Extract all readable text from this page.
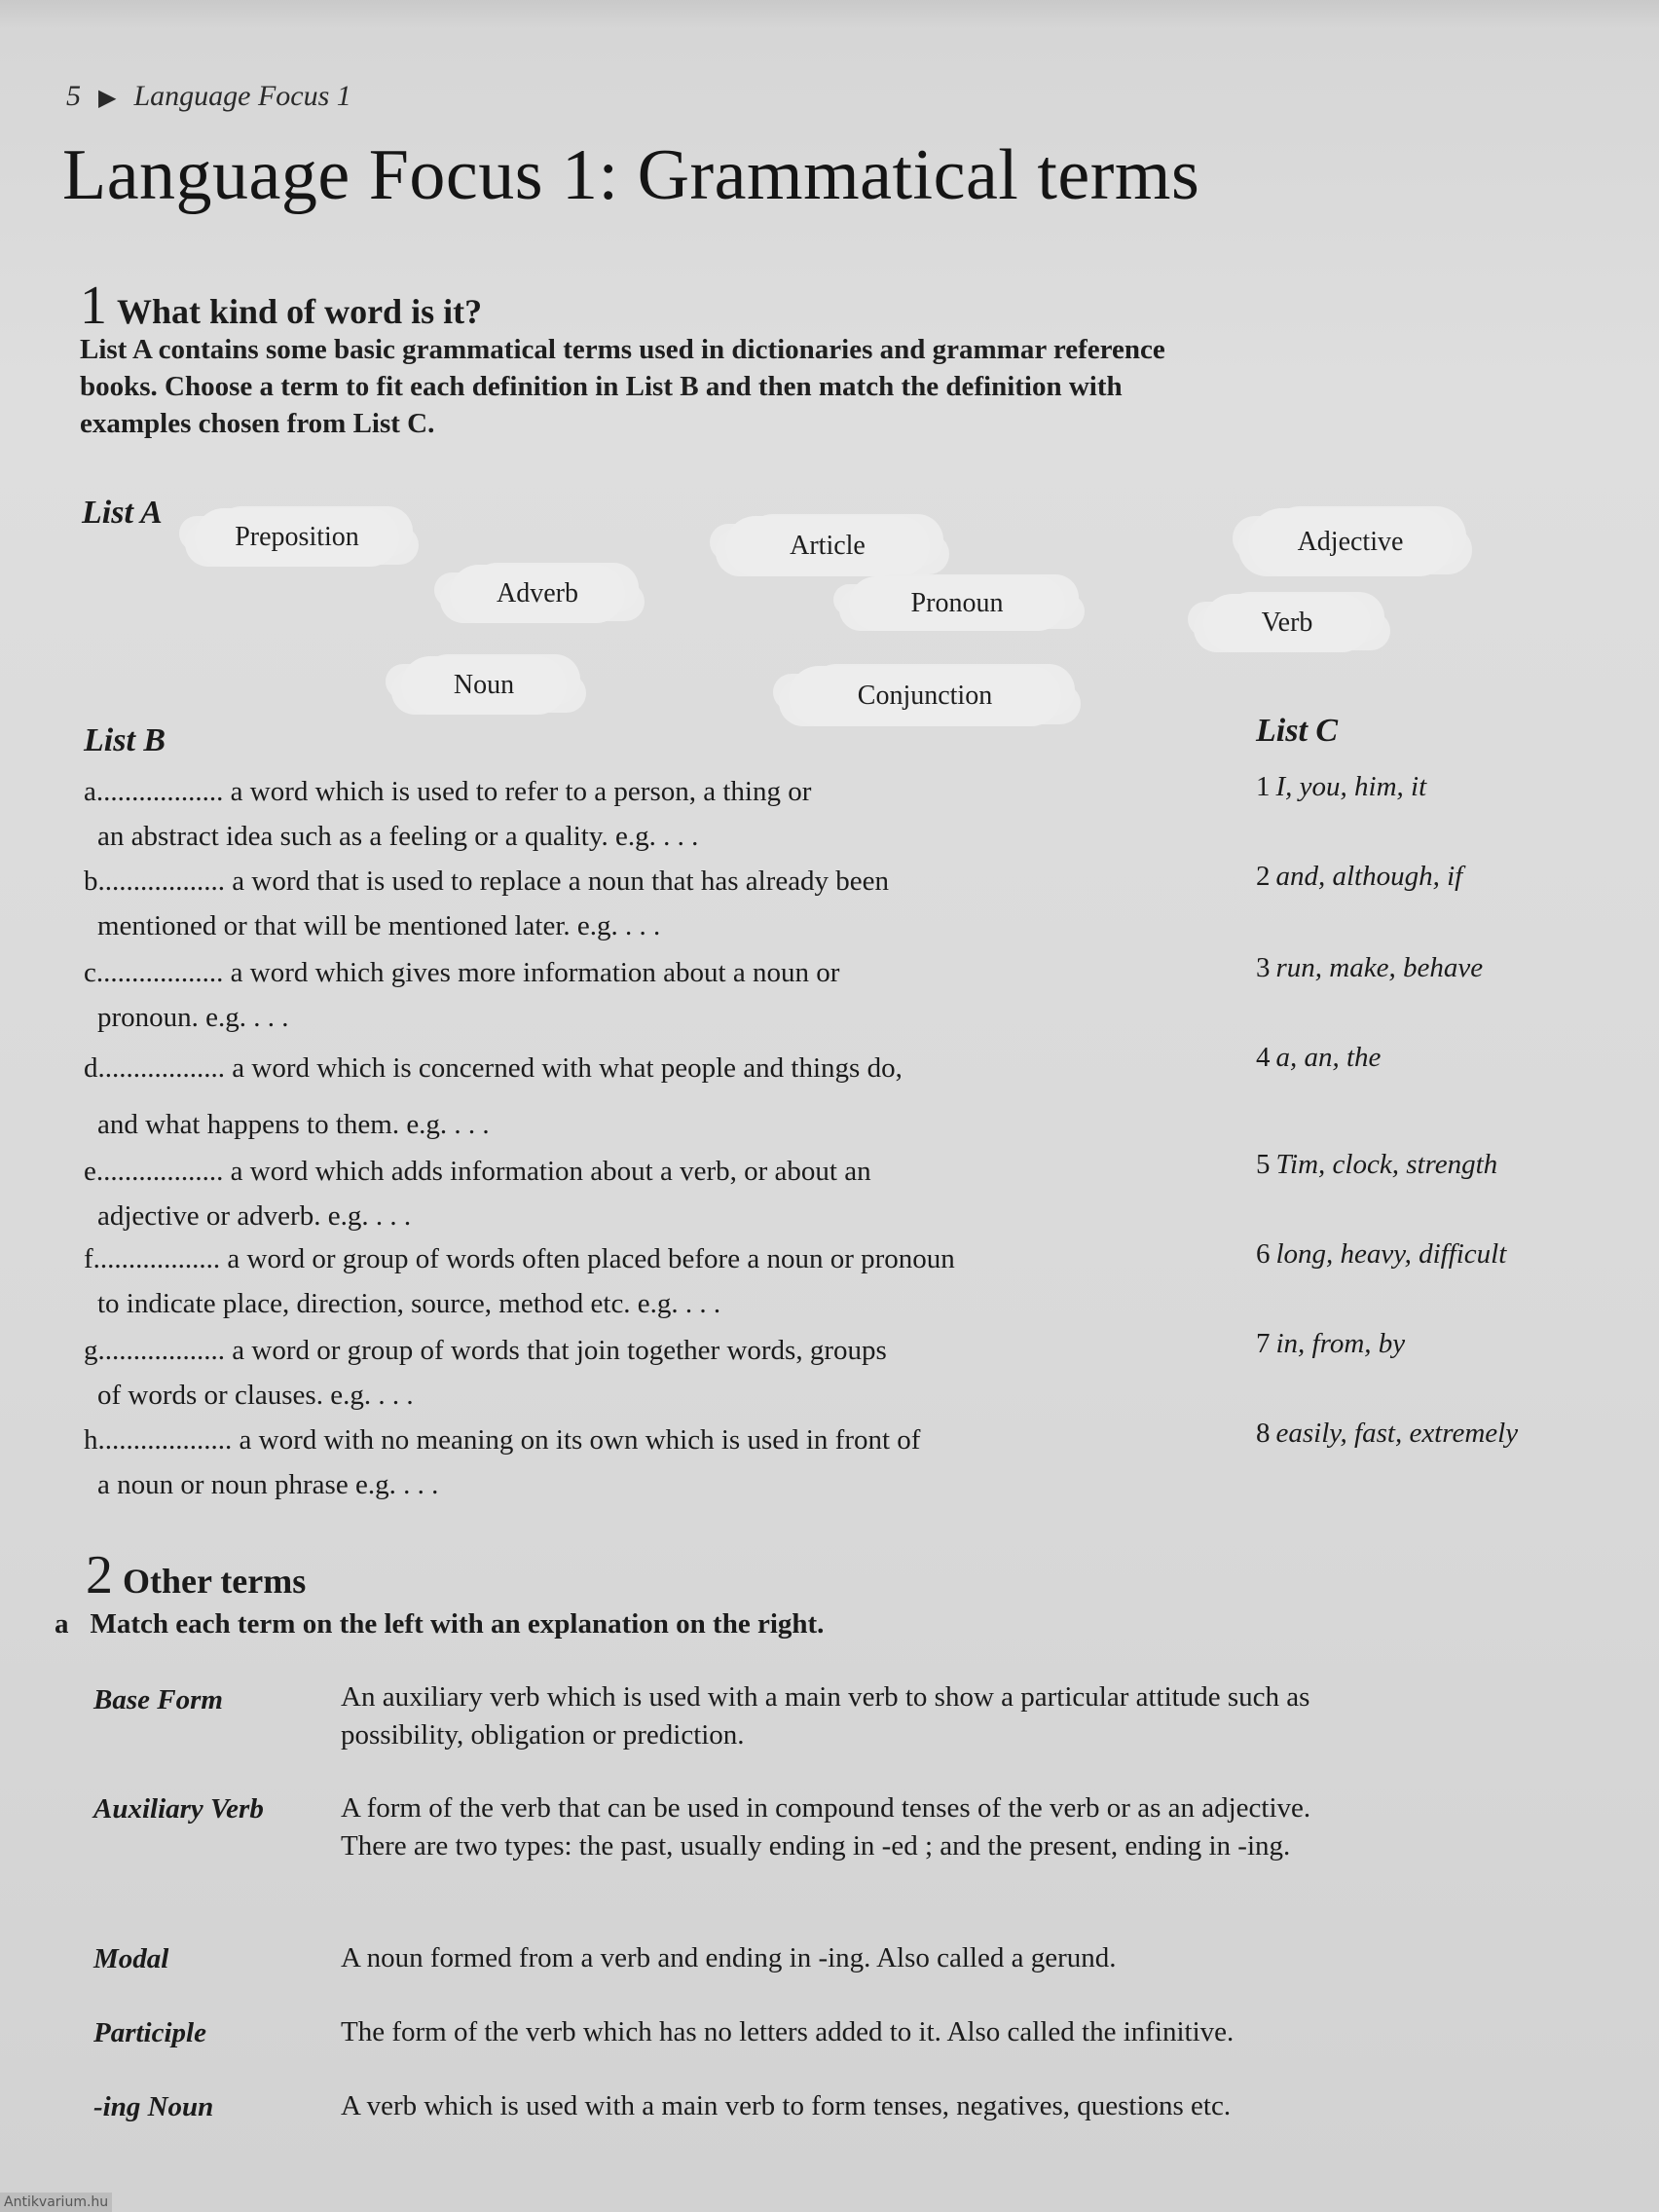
5 ▶ Language Focus 1
Language Focus 1: Grammatical terms
1 What kind of word is it?
List A contains some basic grammatical terms used in dictionaries and grammar reference books. Choose a term to fit each definition in List B and then match the definition with examples chosen from List C.
List A
Preposition	Article	Adjective
Adverb	Pronoun
Verb
Noun	Conjunction
List B	List C
a.................. a word which is used to refer to a person, a thing or
an abstract idea such as a feeling or a quality. e.g. . . .
b.................. a word that is used to replace a noun that has already been
mentioned or that will be mentioned later. e.g. . . .
c.................. a word which gives more information about a noun or
pronoun. e.g. . . .
d.................. a word which is concerned with what people and things do,
and what happens to them. e.g. . . .
e.................. a word which adds information about a verb, or about an
adjective or adverb. e.g. . . .
f.................. a word or group of words often placed before a noun or pronoun
to indicate place, direction, source, method etc. e.g. . . .
g.................. a word or group of words that join together words, groups
of words or clauses. e.g. . . .
h................... a word with no meaning on its own which is used in front of
a noun or noun phrase e.g. . . .
1 I, you, him, it
2 and, although, if
3 run, make, behave
4 a, an, the
5 Tim, clock, strength
6 long, heavy, difficult
7 in, from, by
8 easily, fast, extremely
2 Other terms
a Match each term on the left with an explanation on the right.
Base Form	An auxiliary verb which is used with a main verb to show a particular attitude such as possibility, obligation or prediction.
Auxiliary Verb	A form of the verb that can be used in compound tenses of the verb or as an adjective. There are two types: the past, usually ending in -ed ; and the present, ending in -ing.
Modal	A noun formed from a verb and ending in -ing. Also called a gerund.
Participle	The form of the verb which has no letters added to it. Also called the infinitive.
-ing Noun	A verb which is used with a main verb to form tenses, negatives, questions etc.
Antikvarium.hu
